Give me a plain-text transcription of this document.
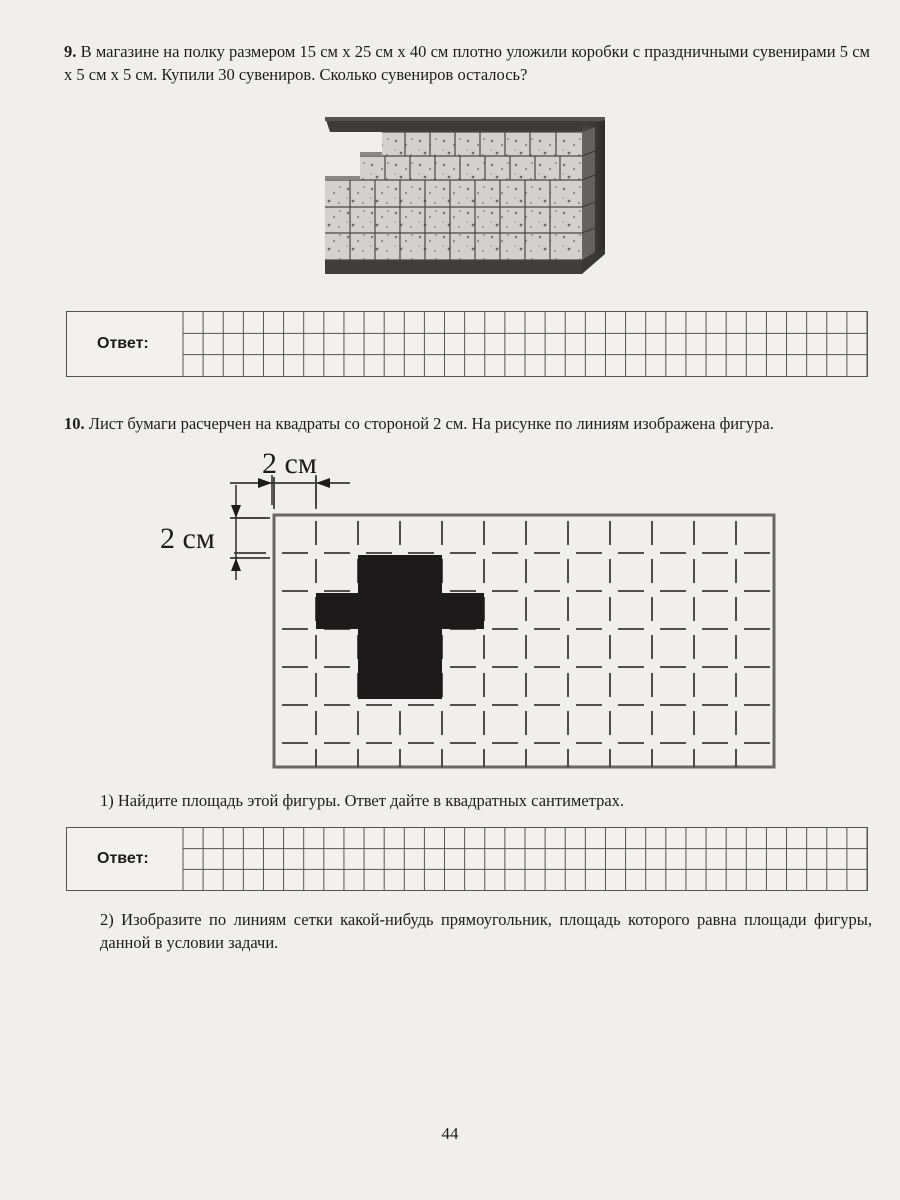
9. В магазине на полку размером 15 см x 25 см x 40 см плотно уложили коробки с праздничными сувенирами 5 см x 5 см x 5 см. Купили 30 сувениров. Сколько сувениров осталось?
Ответ:
10. Лист бумаги расчерчен на квадраты со стороной 2 см. На рисунке по линиям изображена фигура.
2 см
2 см
1) Найдите площадь этой фигуры. Ответ дайте в квадратных сантиметрах.
Ответ:
2) Изобразите по линиям сетки какой-нибудь прямоугольник, площадь которого равна площади фигуры, данной в условии задачи.
44
